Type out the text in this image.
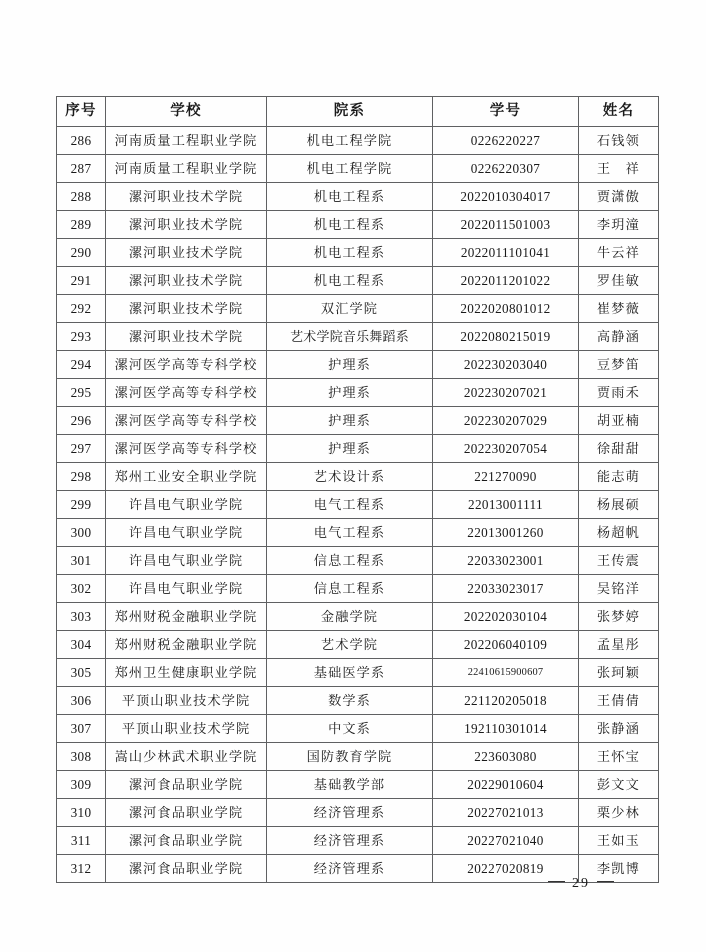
序号	学校	院系	学号	姓名
286	河南质量工程职业学院	机电工程学院	0226220227	石钱领
287	河南质量工程职业学院	机电工程学院	0226220307	王　祥
288	漯河职业技术学院	机电工程系	2022010304017	贾潇傲
289	漯河职业技术学院	机电工程系	2022011501003	李玥潼
290	漯河职业技术学院	机电工程系	2022011101041	牛云祥
291	漯河职业技术学院	机电工程系	2022011201022	罗佳敏
292	漯河职业技术学院	双汇学院	2022020801012	崔梦薇
293	漯河职业技术学院	艺术学院音乐舞蹈系	2022080215019	高静涵
294	漯河医学高等专科学校	护理系	202230203040	豆梦笛
295	漯河医学高等专科学校	护理系	202230207021	贾雨禾
296	漯河医学高等专科学校	护理系	202230207029	胡亚楠
297	漯河医学高等专科学校	护理系	202230207054	徐甜甜
298	郑州工业安全职业学院	艺术设计系	221270090	能志萌
299	许昌电气职业学院	电气工程系	22013001111	杨展硕
300	许昌电气职业学院	电气工程系	22013001260	杨超帆
301	许昌电气职业学院	信息工程系	22033023001	王传震
302	许昌电气职业学院	信息工程系	22033023017	吴铭洋
303	郑州财税金融职业学院	金融学院	202202030104	张梦婷
304	郑州财税金融职业学院	艺术学院	202206040109	孟星彤
305	郑州卫生健康职业学院	基础医学系	22410615900607	张珂颖
306	平顶山职业技术学院	数学系	221120205018	王倩倩
307	平顶山职业技术学院	中文系	192110301014	张静涵
308	嵩山少林武术职业学院	国防教育学院	223603080	王怀宝
309	漯河食品职业学院	基础教学部	20229010604	彭文文
310	漯河食品职业学院	经济管理系	20227021013	栗少林
311	漯河食品职业学院	经济管理系	20227021040	王如玉
312	漯河食品职业学院	经济管理系	20227020819	李凯博
29
